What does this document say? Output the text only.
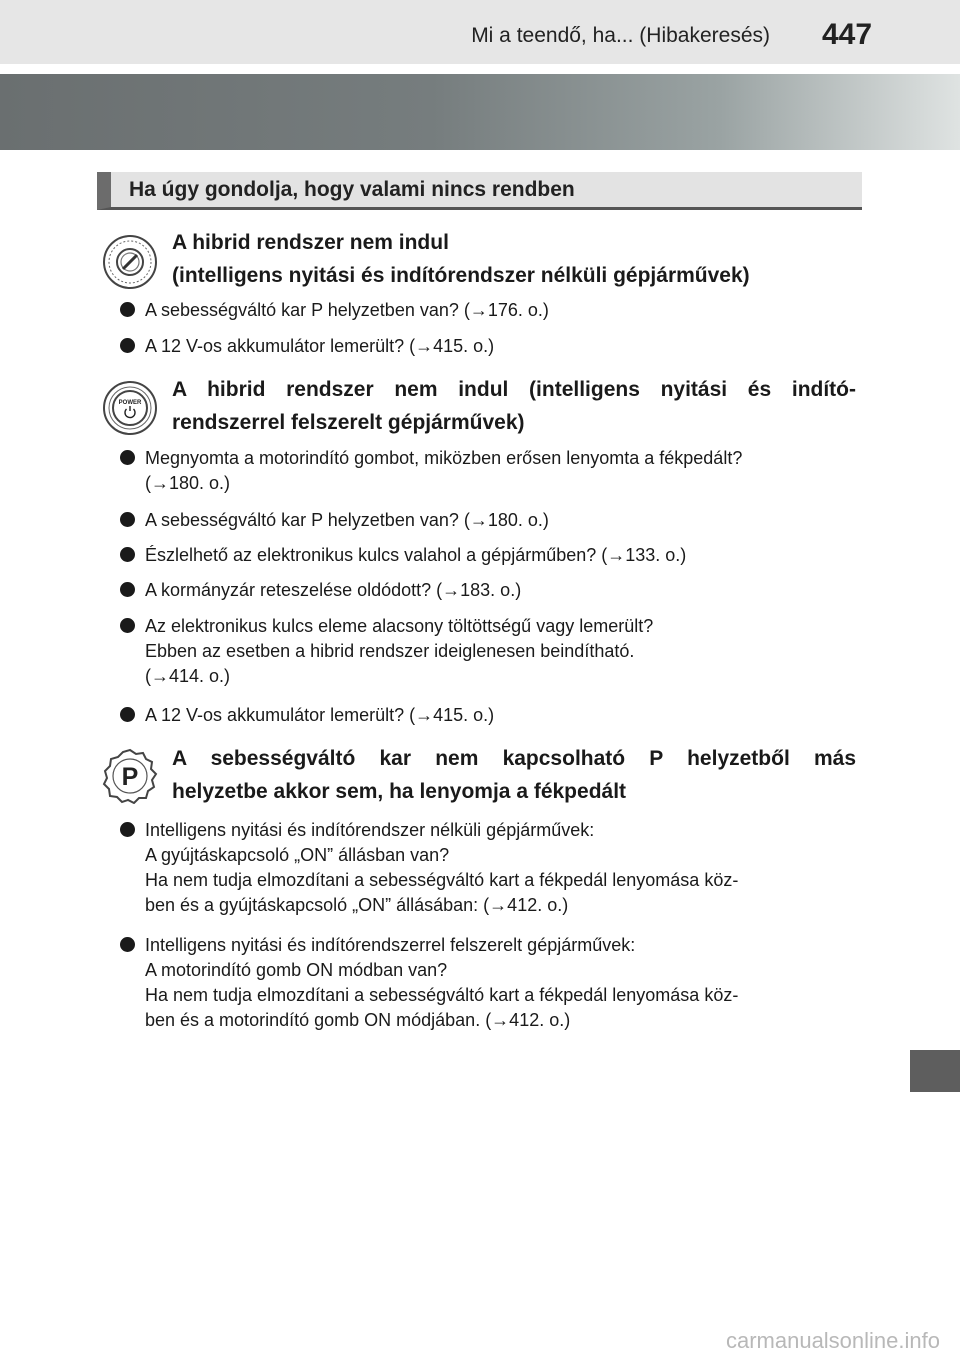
Mi a teendő, ha... (Hibakeresés) 447
Ha úgy gondolja, hogy valami nincs rendben
A hibrid rendszer nem indul
(intelligens nyitási és indítórendszer nélküli gépjárművek)
A sebességváltó kar P helyzetben van? (→176. o.)
A 12 V-os akkumulátor lemerült? (→415. o.)
POWER
A hibrid rendszer nem indul (intelligens nyitási és indító-
rendszerrel felszerelt gépjárművek)
Megnyomta a motorindító gombot, miközben erősen lenyomta a fékpedált?
(→180. o.)
A sebességváltó kar P helyzetben van? (→180. o.)
Észlelhető az elektronikus kulcs valahol a gépjárműben? (→133. o.)
A kormányzár reteszelése oldódott? (→183. o.)
Az elektronikus kulcs eleme alacsony töltöttségű vagy lemerült?
Ebben az esetben a hibrid rendszer ideiglenesen beindítható.
(→414. o.)
A 12 V-os akkumulátor lemerült? (→415. o.)
P
A sebességváltó kar nem kapcsolható P helyzetből más
helyzetbe akkor sem, ha lenyomja a fékpedált
Intelligens nyitási és indítórendszer nélküli gépjárművek:
A gyújtáskapcsoló „ON” állásban van?
Ha nem tudja elmozdítani a sebességváltó kart a fékpedál lenyomása köz-
ben és a gyújtáskapcsoló „ON” állásában: (→412. o.)
Intelligens nyitási és indítórendszerrel felszerelt gépjárművek:
A motorindító gomb ON módban van?
Ha nem tudja elmozdítani a sebességváltó kart a fékpedál lenyomása köz-
ben és a motorindító gomb ON módjában. (→412. o.)
carmanualsonline.info
